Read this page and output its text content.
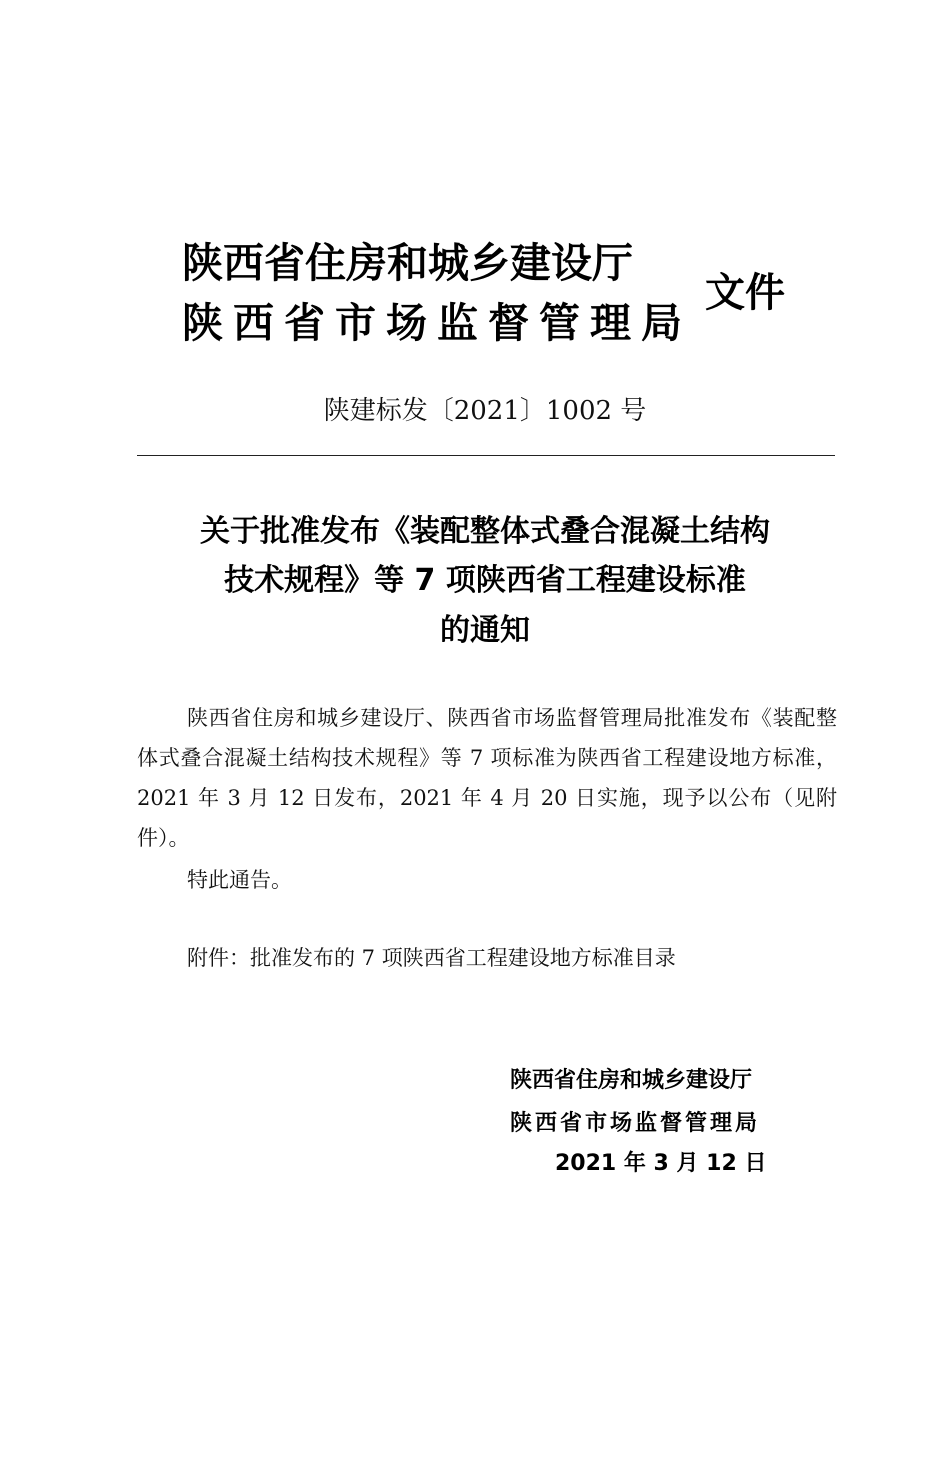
陕西省住房和城乡建设厅
陕西省市场监督管理局
文件
陕建标发〔2021〕1002 号
关于批准发布《装配整体式叠合混凝土结构
技术规程》等 7 项陕西省工程建设标准
的通知
陕西省住房和城乡建设厅、陕西省市场监督管理局批准发布《装配整体式叠合混凝土结构技术规程》等 7 项标准为陕西省工程建设地方标准，2021 年 3 月 12 日发布，2021 年 4 月 20 日实施，现予以公布（见附件）。
特此通告。
附件：批准发布的 7 项陕西省工程建设地方标准目录
陕西省住房和城乡建设厅
陕西省市场监督管理局
2021 年 3 月 12 日
